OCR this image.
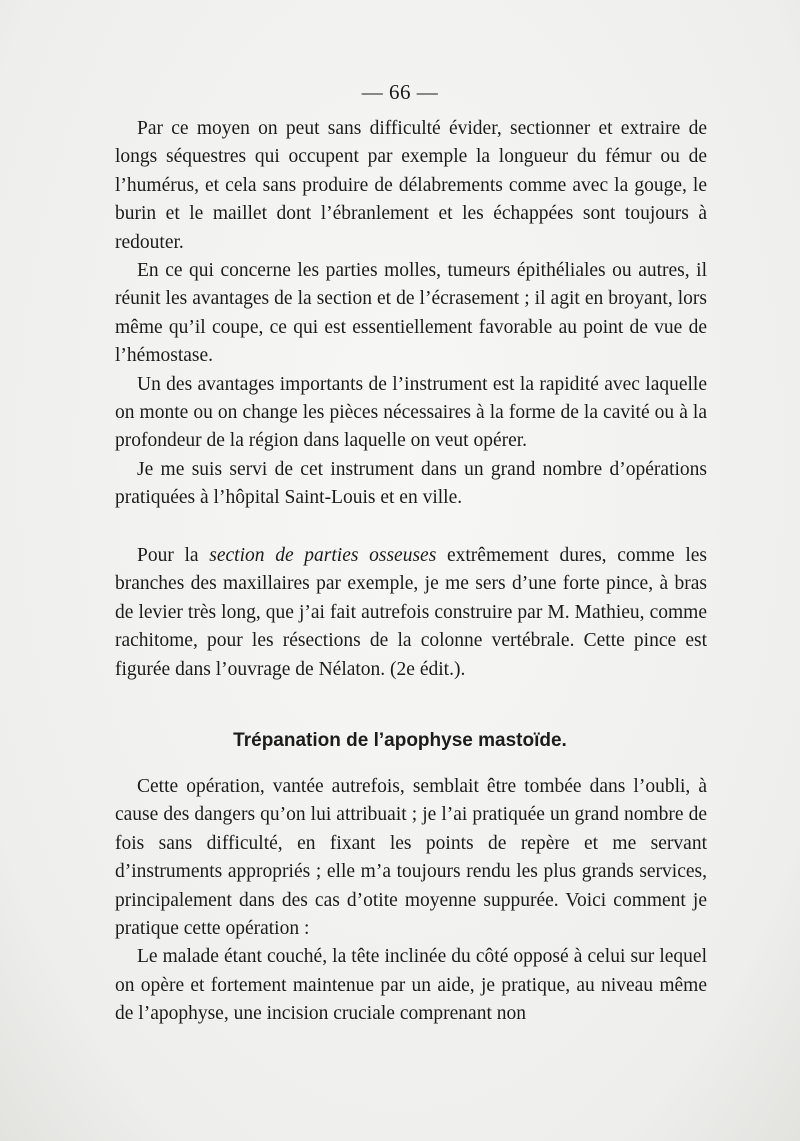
— 66 —

Par ce moyen on peut sans difficulté évider, sectionner et extraire de longs séquestres qui occupent par exemple la longueur du fémur ou de l’humérus, et cela sans produire de délabrements comme avec la gouge, le burin et le maillet dont l’ébranlement et les échappées sont toujours à redouter.

En ce qui concerne les parties molles, tumeurs épithéliales ou autres, il réunit les avantages de la section et de l’écrasement ; il agit en broyant, lors même qu’il coupe, ce qui est essentiellement favorable au point de vue de l’hémostase.

Un des avantages importants de l’instrument est la rapidité avec laquelle on monte ou on change les pièces nécessaires à la forme de la cavité ou à la profondeur de la région dans laquelle on veut opérer.

Je me suis servi de cet instrument dans un grand nombre d’opérations pratiquées à l’hôpital Saint-Louis et en ville.

Pour la section de parties osseuses extrêmement dures, comme les branches des maxillaires par exemple, je me sers d’une forte pince, à bras de levier très long, que j’ai fait autrefois construire par M. Mathieu, comme rachitome, pour les résections de la colonne vertébrale. Cette pince est figurée dans l’ouvrage de Nélaton. (2e édit.).

Trépanation de l’apophyse mastoïde.

Cette opération, vantée autrefois, semblait être tombée dans l’oubli, à cause des dangers qu’on lui attribuait ; je l’ai pratiquée un grand nombre de fois sans difficulté, en fixant les points de repère et me servant d’instruments appropriés ; elle m’a toujours rendu les plus grands services, principalement dans des cas d’otite moyenne suppurée. Voici comment je pratique cette opération :

Le malade étant couché, la tête inclinée du côté opposé à celui sur lequel on opère et fortement maintenue par un aide, je pratique, au niveau même de l’apophyse, une incision cruciale comprenant non
